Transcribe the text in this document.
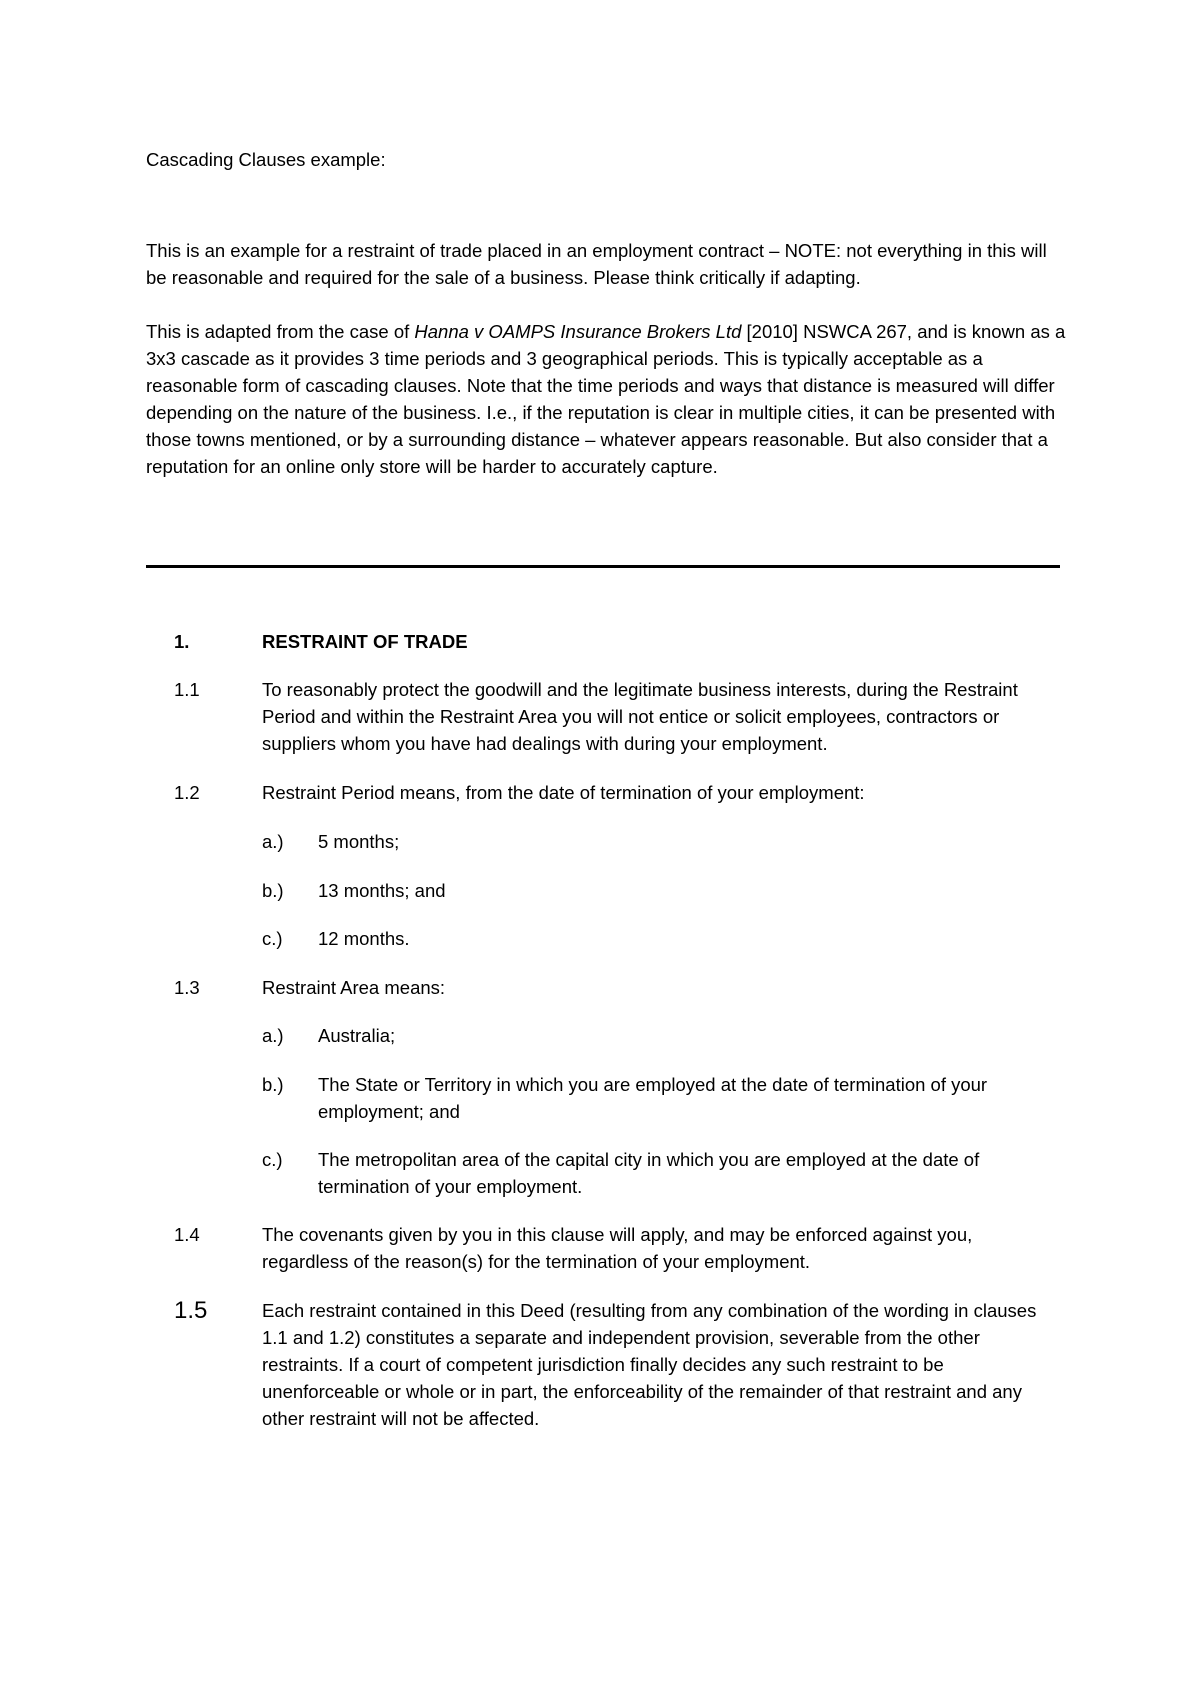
Cascading Clauses example:

This is an example for a restraint of trade placed in an employment contract – NOTE: not everything in this will be reasonable and required for the sale of a business. Please think critically if adapting.

This is adapted from the case of Hanna v OAMPS Insurance Brokers Ltd [2010] NSWCA 267, and is known as a 3x3 cascade as it provides 3 time periods and 3 geographical periods. This is typically acceptable as a reasonable form of cascading clauses. Note that the time periods and ways that distance is measured will differ depending on the nature of the business. I.e., if the reputation is clear in multiple cities, it can be presented with those towns mentioned, or by a surrounding distance – whatever appears reasonable. But also consider that a reputation for an online only store will be harder to accurately capture.

1.	RESTRAINT OF TRADE
1.1	To reasonably protect the goodwill and the legitimate business interests, during the Restraint Period and within the Restraint Area you will not entice or solicit employees, contractors or suppliers whom you have had dealings with during your employment.
1.2	Restraint Period means, from the date of termination of your employment:
a.)	5 months;
b.)	13 months; and
c.)	12 months.
1.3	Restraint Area means:
a.)	Australia;
b.)	The State or Territory in which you are employed at the date of termination of your employment; and
c.)	The metropolitan area of the capital city in which you are employed at the date of termination of your employment.
1.4	The covenants given by you in this clause will apply, and may be enforced against you, regardless of the reason(s) for the termination of your employment.
1.5	Each restraint contained in this Deed (resulting from any combination of the wording in clauses 1.1 and 1.2) constitutes a separate and independent provision, severable from the other restraints. If a court of competent jurisdiction finally decides any such restraint to be unenforceable or whole or in part, the enforceability of the remainder of that restraint and any other restraint will not be affected.
